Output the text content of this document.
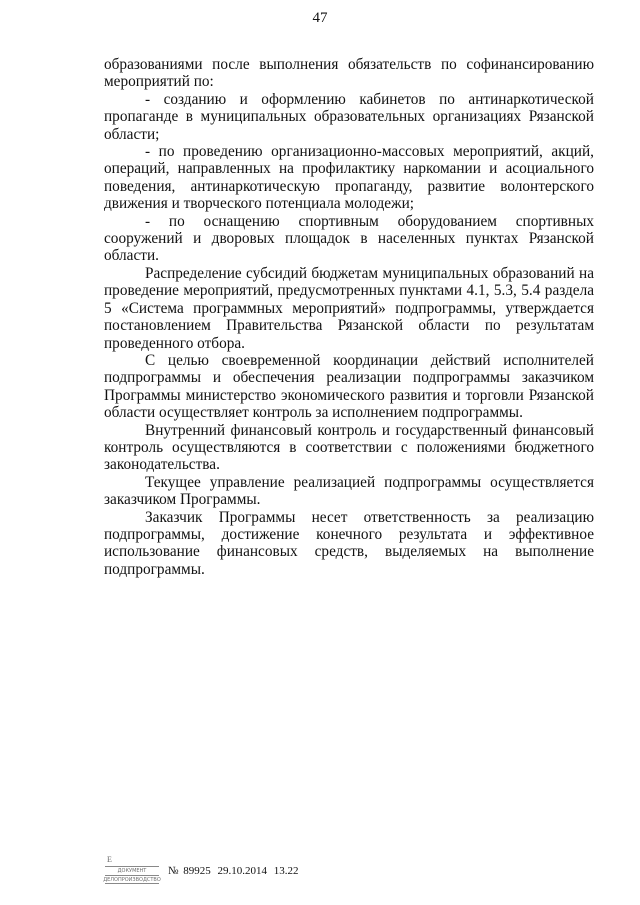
47

образованиями после выполнения обязательств по софинансированию мероприятий по:

- созданию и оформлению кабинетов по антинаркотической пропаганде в муниципальных образовательных организациях Рязанской области;

- по проведению организационно-массовых мероприятий, акций, операций, направленных на профилактику наркомании и асоциального поведения, антинаркотическую пропаганду, развитие волонтерского движения и творческого потенциала молодежи;

- по оснащению спортивным оборудованием спортивных сооружений и дворовых площадок в населенных пунктах Рязанской области.

Распределение субсидий бюджетам муниципальных образований на проведение мероприятий, предусмотренных пунктами 4.1, 5.3, 5.4 раздела 5 «Система программных мероприятий» подпрограммы, утверждается постановлением Правительства Рязанской области по результатам проведенного отбора.

С целью своевременной координации действий исполнителей подпрограммы и обеспечения реализации подпрограммы заказчиком Программы министерство экономического развития и торговли Рязанской области осуществляет контроль за исполнением подпрограммы.

Внутренний финансовый контроль и государственный финансовый контроль осуществляются в соответствии с положениями бюджетного законодательства.

Текущее управление реализацией подпрограммы осуществляется заказчиком Программы.

Заказчик Программы несет ответственность за реализацию подпрограммы, достижение конечного результата и эффективное использование финансовых средств, выделяемых на выполнение подпрограммы.

Е
ДОКУМЕНТ
ДЕЛОПРОИЗВОДСТВО
№ 89925 29.10.2014 13.22
